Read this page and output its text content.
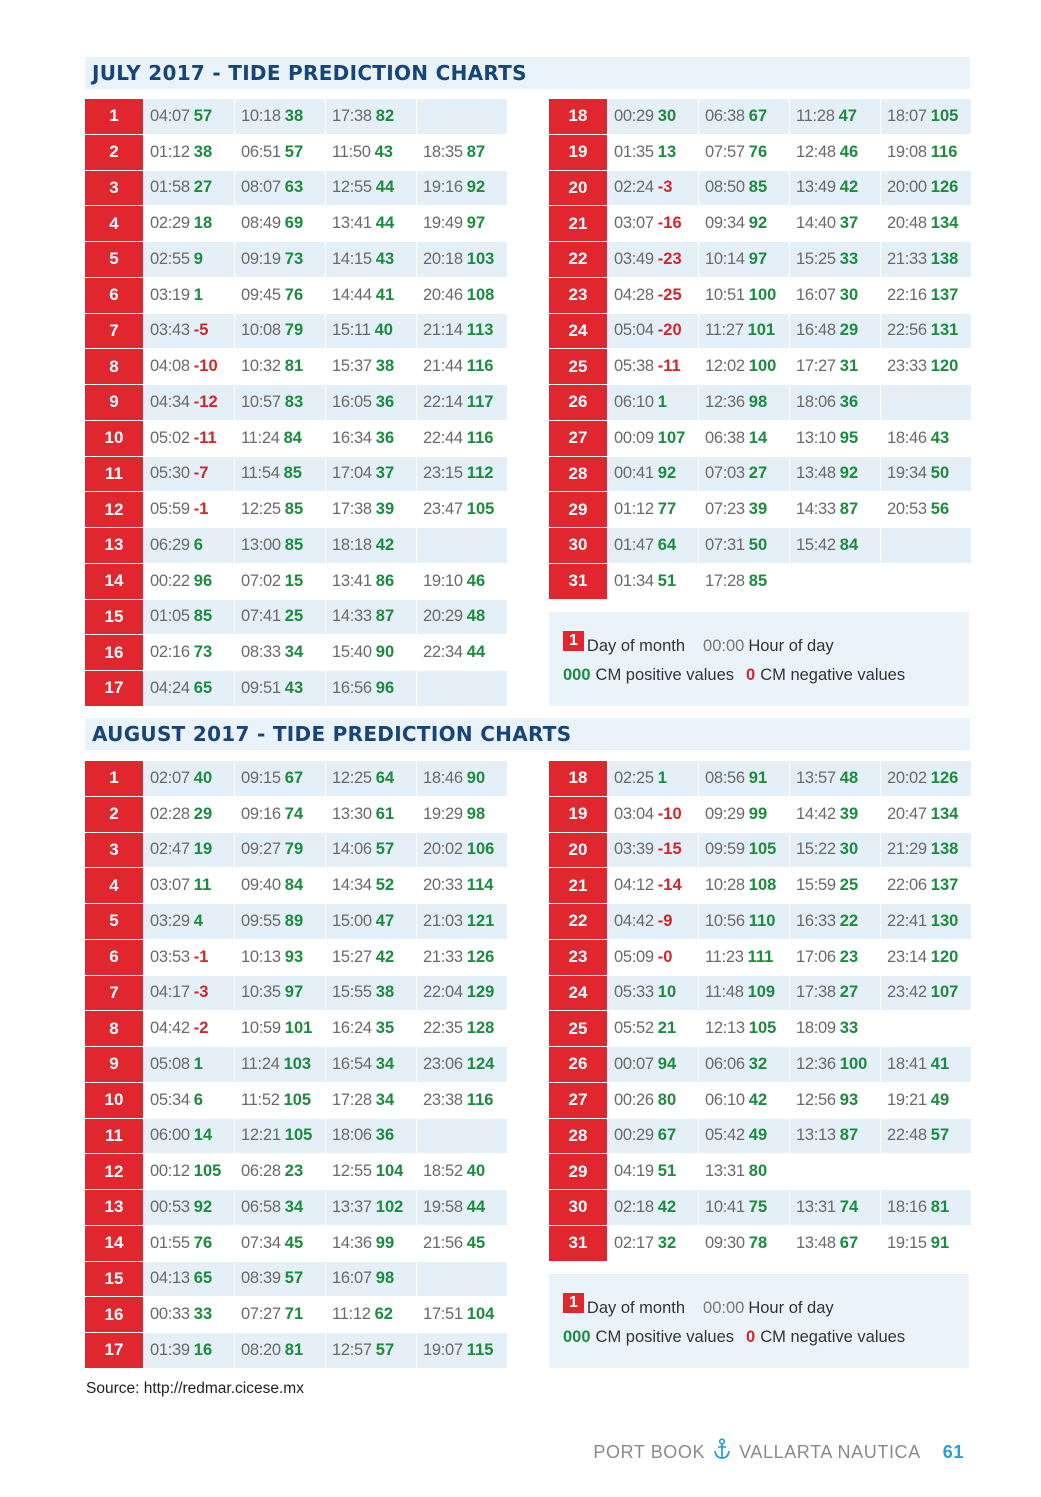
JULY 2017 - TIDE PREDICTION CHARTS
1	04:07 57 10:18 38 17:38 82
2	01:12 38 06:51 57 11:50 43 18:35 87
3	01:58 27 08:07 63 12:55 44 19:16 92
4	02:29 18 08:49 69 13:41 44 19:49 97
5	02:55 9 09:19 73 14:15 43 20:18 103
6	03:19 1 09:45 76 14:44 41 20:46 108
7	03:43 -5 10:08 79 15:11 40 21:14 113
8	04:08 -10 10:32 81 15:37 38 21:44 116
9	04:34 -12 10:57 83 16:05 36 22:14 117
10	05:02 -11 11:24 84 16:34 36 22:44 116
11	05:30 -7 11:54 85 17:04 37 23:15 112
12	05:59 -1 12:25 85 17:38 39 23:47 105
13	06:29 6 13:00 85 18:18 42
14	00:22 96 07:02 15 13:41 86 19:10 46
15	01:05 85 07:41 25 14:33 87 20:29 48
16	02:16 73 08:33 34 15:40 90 22:34 44
17	04:24 65 09:51 43 16:56 96
18	00:29 30 06:38 67 11:28 47 18:07 105
19	01:35 13 07:57 76 12:48 46 19:08 116
20	02:24 -3 08:50 85 13:49 42 20:00 126
21	03:07 -16 09:34 92 14:40 37 20:48 134
22	03:49 -23 10:14 97 15:25 33 21:33 138
23	04:28 -25 10:51 100 16:07 30 22:16 137
24	05:04 -20 11:27 101 16:48 29 22:56 131
25	05:38 -11 12:02 100 17:27 31 23:33 120
26	06:10 1 12:36 98 18:06 36
27	00:09 107 06:38 14 13:10 95 18:46 43
28	00:41 92 07:03 27 13:48 92 19:34 50
29	01:12 77 07:23 39 14:33 87 20:53 56
30	01:47 64 07:31 50 15:42 84
31	01:34 51 17:28 85
1 Day of month 00:00 Hour of day
000 CM positive values 0 CM negative values
AUGUST 2017 - TIDE PREDICTION CHARTS
1	02:07 40 09:15 67 12:25 64 18:46 90
2	02:28 29 09:16 74 13:30 61 19:29 98
3	02:47 19 09:27 79 14:06 57 20:02 106
4	03:07 11 09:40 84 14:34 52 20:33 114
5	03:29 4 09:55 89 15:00 47 21:03 121
6	03:53 -1 10:13 93 15:27 42 21:33 126
7	04:17 -3 10:35 97 15:55 38 22:04 129
8	04:42 -2 10:59 101 16:24 35 22:35 128
9	05:08 1 11:24 103 16:54 34 23:06 124
10	05:34 6 11:52 105 17:28 34 23:38 116
11	06:00 14 12:21 105 18:06 36
12	00:12 105 06:28 23 12:55 104 18:52 40
13	00:53 92 06:58 34 13:37 102 19:58 44
14	01:55 76 07:34 45 14:36 99 21:56 45
15	04:13 65 08:39 57 16:07 98
16	00:33 33 07:27 71 11:12 62 17:51 104
17	01:39 16 08:20 81 12:57 57 19:07 115
18	02:25 1 08:56 91 13:57 48 20:02 126
19	03:04 -10 09:29 99 14:42 39 20:47 134
20	03:39 -15 09:59 105 15:22 30 21:29 138
21	04:12 -14 10:28 108 15:59 25 22:06 137
22	04:42 -9 10:56 110 16:33 22 22:41 130
23	05:09 -0 11:23 111 17:06 23 23:14 120
24	05:33 10 11:48 109 17:38 27 23:42 107
25	05:52 21 12:13 105 18:09 33
26	00:07 94 06:06 32 12:36 100 18:41 41
27	00:26 80 06:10 42 12:56 93 19:21 49
28	00:29 67 05:42 49 13:13 87 22:48 57
29	04:19 51 13:31 80
30	02:18 42 10:41 75 13:31 74 18:16 81
31	02:17 32 09:30 78 13:48 67 19:15 91
1 Day of month 00:00 Hour of day
000 CM positive values 0 CM negative values
Source: http://redmar.cicese.mx
PORT BOOK VALLARTA NAUTICA 61
